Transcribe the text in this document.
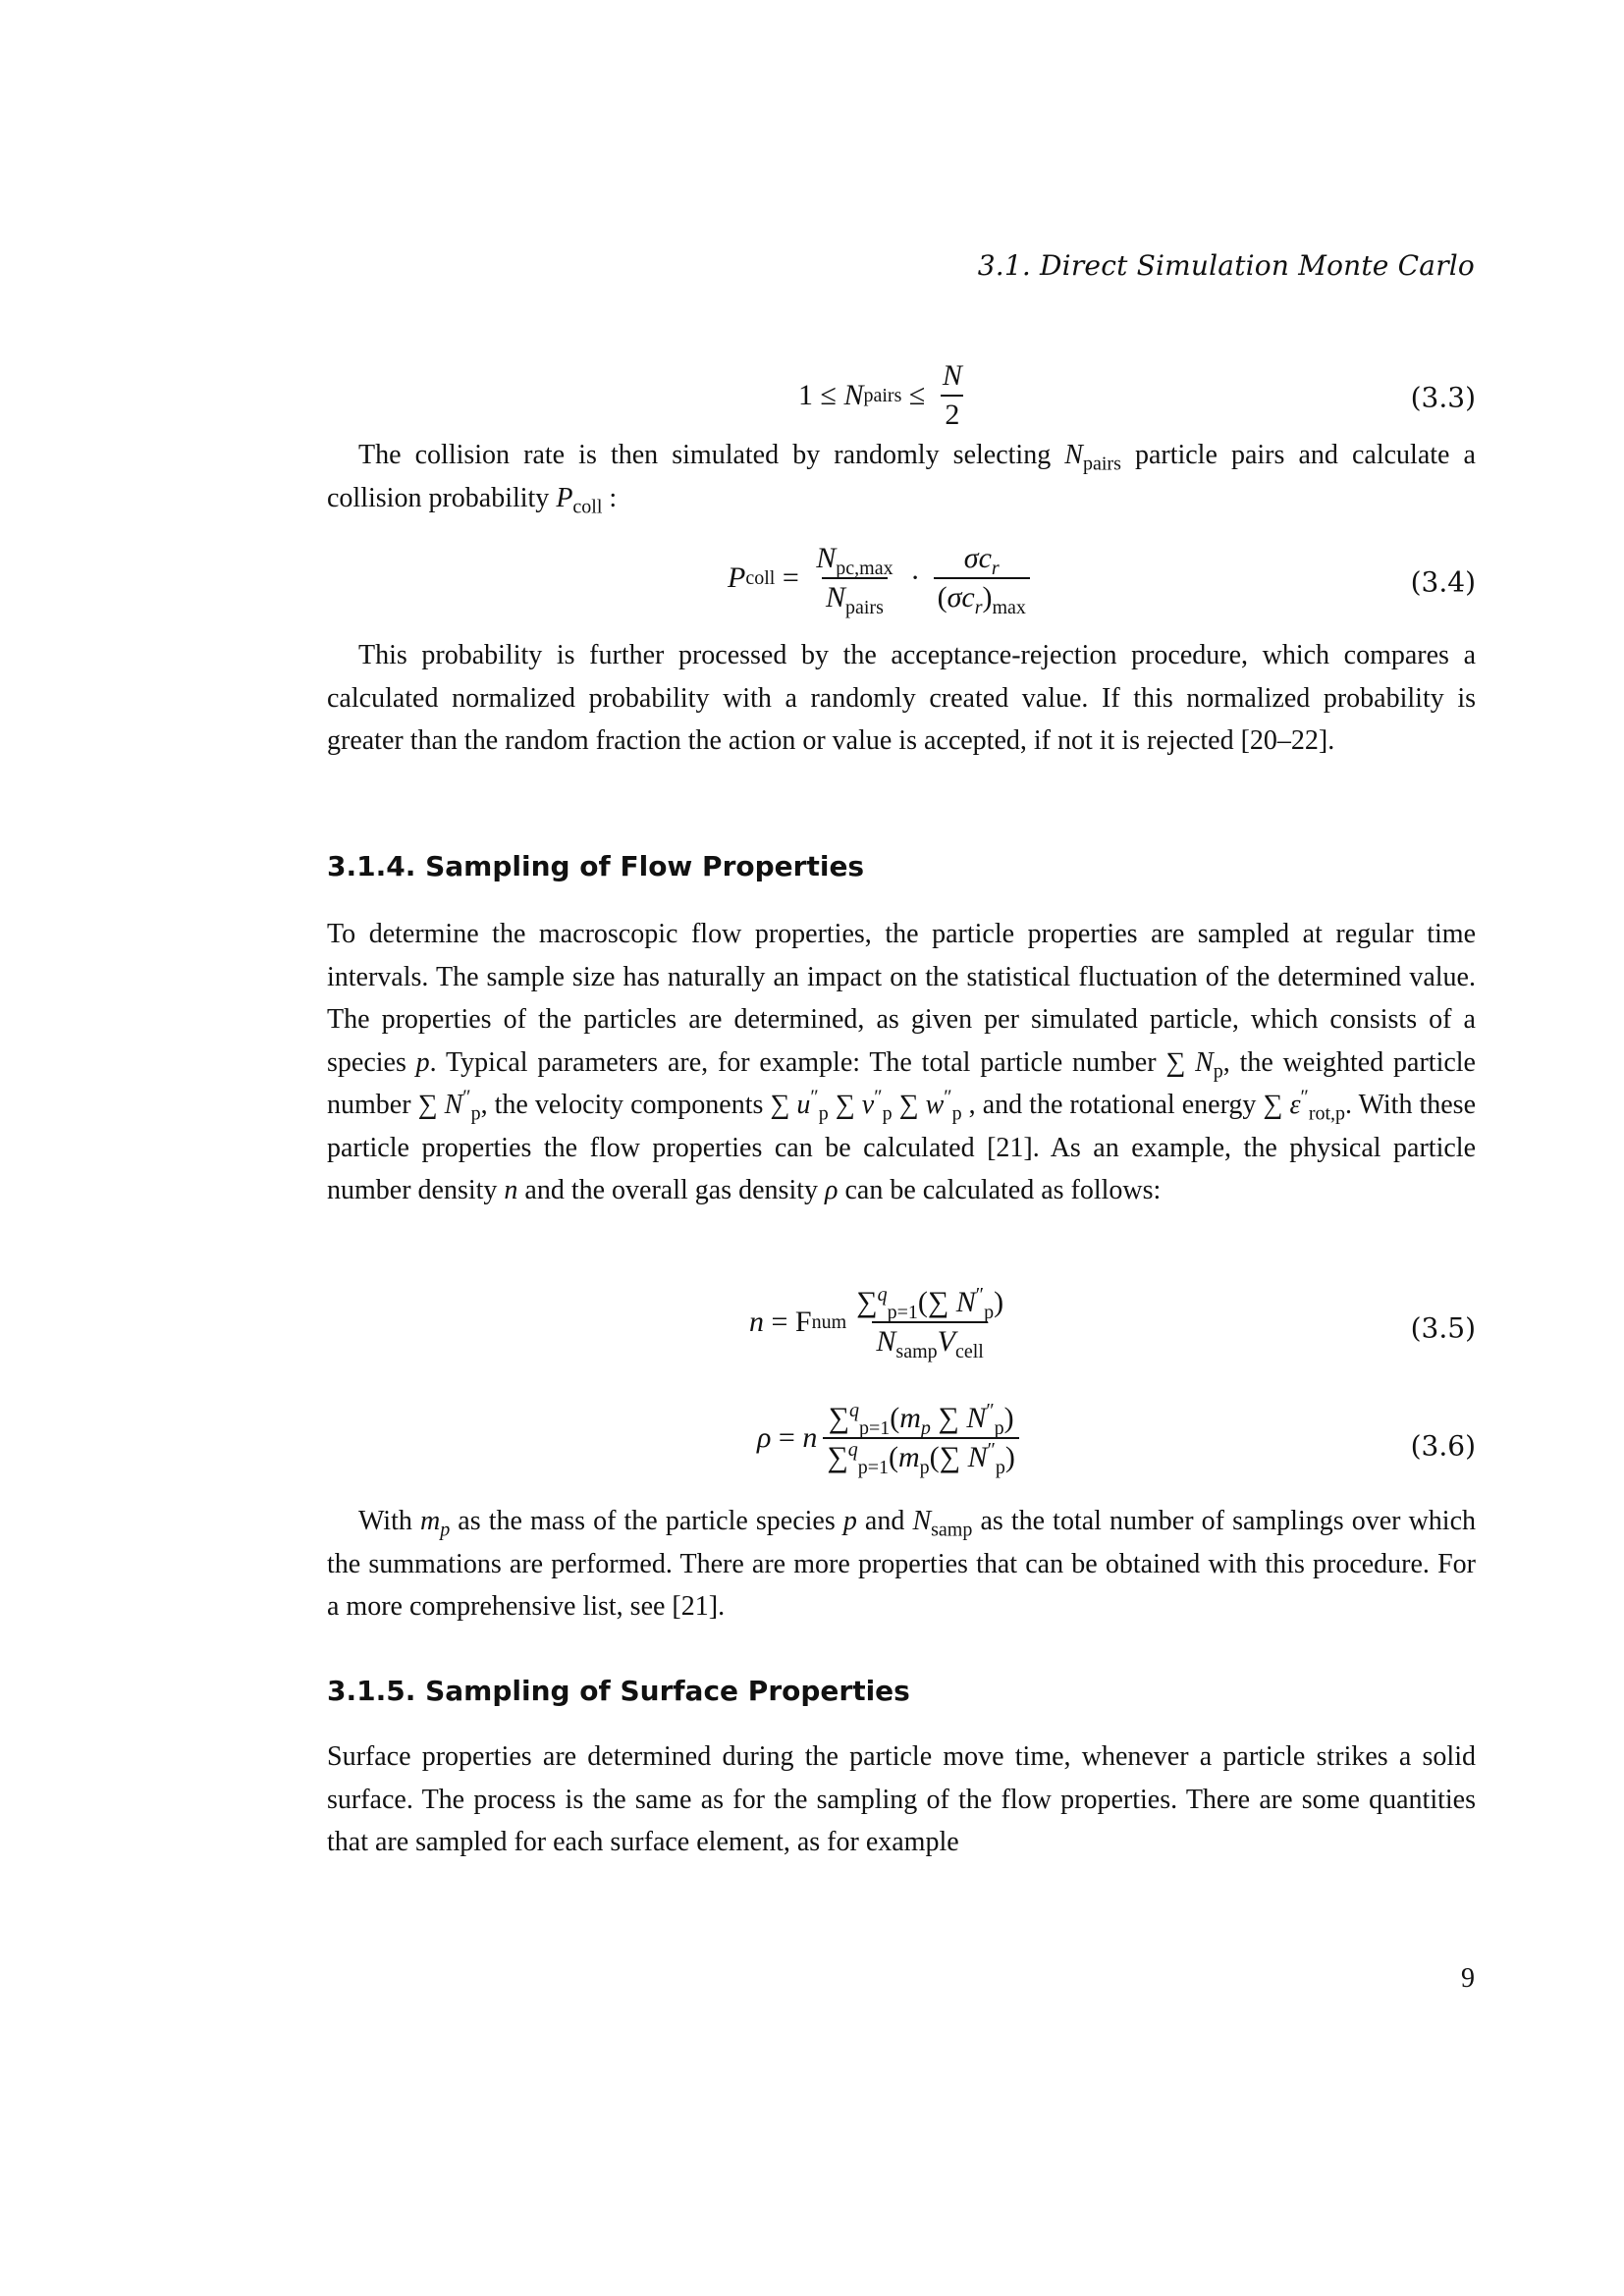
3.1. Direct Simulation Monte Carlo
1 ≤ N pairs ≤ $\frac{N}{2}$	(3.3)
The collision rate is then simulated by randomly selecting $N_{pairs}$ particle pairs and calculate a collision probability $P_{coll}$ :
P coll = $\frac{N_{pc,max}}{N_{pairs}} \cdot \frac{\sigma c_r}{(\sigma c_r)_{max}}$	(3.4)
This probability is further processed by the acceptance-rejection procedure, which compares a calculated normalized probability with a randomly created value. If this normalized probability is greater than the random fraction the action or value is accepted, if not it is rejected [20–22].
3.1.4. Sampling of Flow Properties
To determine the macroscopic flow properties, the particle properties are sampled at regular time intervals. The sample size has naturally an impact on the statistical fluctuation of the determined value. The properties of the particles are determined, as given per simulated particle, which consists of a species p. Typical parameters are, for example: The total particle number ∑ $N_p$, the weighted particle number ∑ $N''_p$, the velocity components ∑ $u''_p$ ∑ $v''_p$ ∑ $w''_p$ , and the rotational energy ∑ $\varepsilon''_{rot,p}$. With these particle properties the flow properties can be calculated [21]. As an example, the physical particle number density n and the overall gas density ρ can be calculated as follows:
n = F num $\frac{\sum^q_{p=1}(\sum N''_p)}{N_{samp}V_{cell}}$	(3.5)
ρ = n $\frac{\sum^q_{p=1}(m_p \sum N''_p)}{\sum^q_{p=1}(m_p(\sum N''_p)}$	(3.6)
With $m_p$ as the mass of the particle species p and $N_{samp}$ as the total number of samplings over which the summations are performed. There are more properties that can be obtained with this procedure. For a more comprehensive list, see [21].
3.1.5. Sampling of Surface Properties
Surface properties are determined during the particle move time, whenever a particle strikes a solid surface. The process is the same as for the sampling of the flow properties. There are some quantities that are sampled for each surface element, as for example
9
